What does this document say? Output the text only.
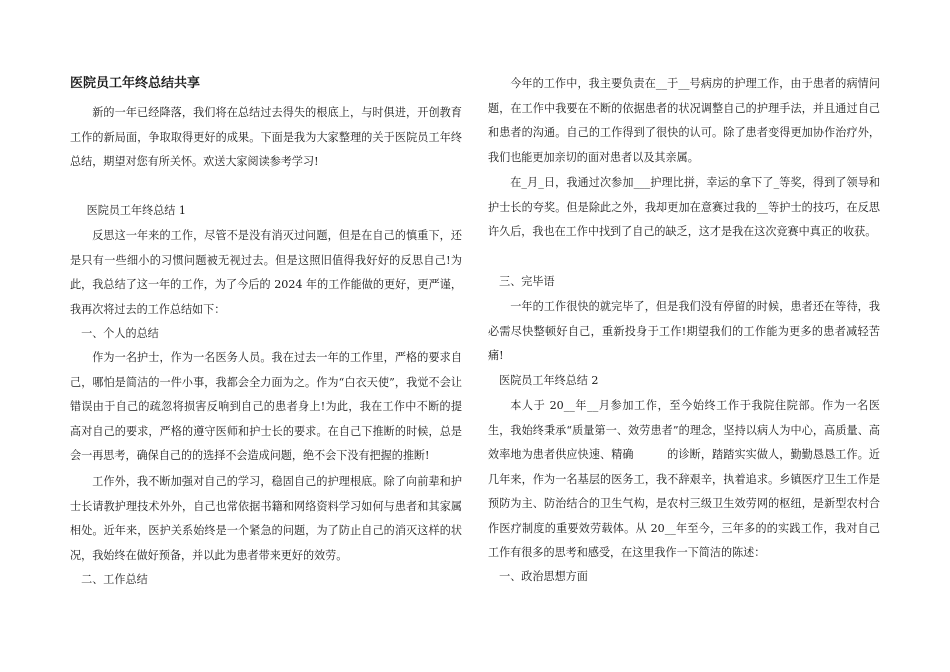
医院员工年终总结共享

新的一年已经降落，我们将在总结过去得失的根底上，与时俱进，开创教育工作的新局面，争取取得更好的成果。下面是我为大家整理的关于医院员工年终总结，期望对您有所关怀。欢送大家阅读参考学习!

医院员工年终总结 1

反思这一年来的工作，尽管不是没有消灭过问题，但是在自己的慎重下，还是只有一些细小的习惯问题被无视过去。但是这照旧值得我好好的反思自己!为此，我总结了这一年的工作，为了今后的 2024 年的工作能做的更好，更严谨，我再次将过去的工作总结如下：

一、个人的总结

作为一名护士，作为一名医务人员。我在过去一年的工作里，严格的要求自己，哪怕是简洁的一件小事，我都会全力面为之。作为“白衣天使”，我觉不会让错误由于自己的疏忽将损害反响到自己的患者身上!为此，我在工作中不断的提高对自己的要求，严格的遵守医师和护士长的要求。在自己下推断的时候，总是会一再思考，确保自己的的选择不会造成问题，绝不会下没有把握的推断!

工作外，我不断加强对自己的学习，稳固自己的护理根底。除了向前辈和护士长请教护理技术外外，自己也常依据书籍和网络资料学习如何与患者和其家属相处。近年来，医护关系始终是一个紧急的问题，为了防止自己的消灭这样的状况，我始终在做好预备，并以此为患者带来更好的效劳。

二、工作总结

今年的工作中，我主要负责在__于__号病房的护理工作，由于患者的病情问题，在工作中我要在不断的依据患者的状况调整自己的护理手法，并且通过自己和患者的沟通。自己的工作得到了很快的认可。除了患者变得更加协作治疗外，我们也能更加亲切的面对患者以及其亲属。

在_月_日，我通过次参加___护理比拼，幸运的拿下了_等奖，得到了领导和护士长的夸奖。但是除此之外，我却更加在意赛过我的__等护士的技巧，在反思许久后，我也在工作中找到了自己的缺乏，这才是我在这次竞赛中真正的收获。

三、完毕语

一年的工作很快的就完毕了，但是我们没有停留的时候，患者还在等待，我必需尽快整顿好自己，重新投身于工作!期望我们的工作能为更多的患者减轻苦痛!

医院员工年终总结 2

本人于 20__年__月参加工作，至今始终工作于我院住院部。作为一名医生，我始终秉承“质量第一、效劳患者”的理念，坚持以病人为中心，高质量、高效率地为患者供应快速、精确　　　的诊断，踏踏实实做人，勤勤恳恳工作。近几年来，作为一名基层的医务工，我不辞艰辛，执着追求。乡镇医疗卫生工作是预防为主、防治结合的卫生气构，是农村三级卫生效劳网的枢纽，是新型农村合作医疗制度的重要效劳载体。从 20__年至今，三年多的的实践工作，我对自己工作有很多的思考和感受，在这里我作一下简洁的陈述：

一、政治思想方面
